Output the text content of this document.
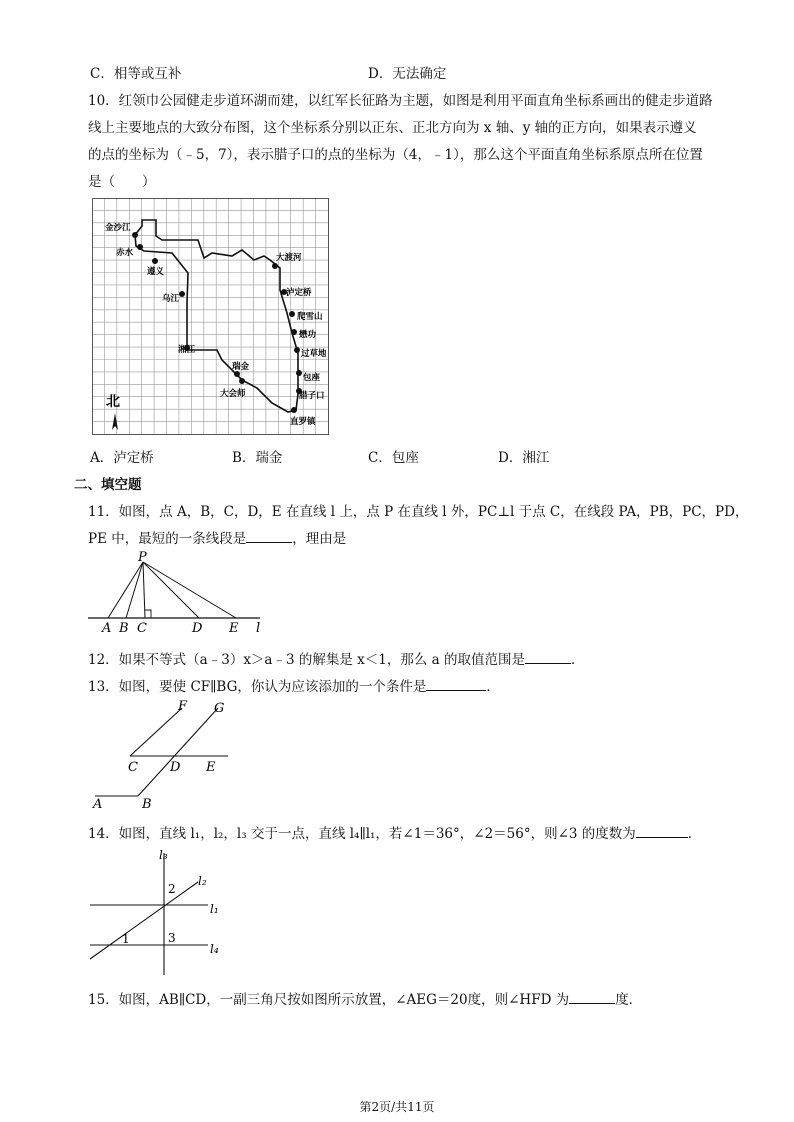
C．相等或互补	D．无法确定
10．红领巾公园健走步道环湖而建，以红军长征路为主题，如图是利用平面直角坐标系画出的健走步道路
线上主要地点的大致分布图，这个坐标系分别以正东、正北方向为 x 轴、y 轴的正方向，如果表示遵义
的点的坐标为（﹣5，7），表示腊子口的点的坐标为（4，﹣1），那么这个平面直角坐标系原点所在位置
是（　　）
金沙江
赤水
遵义
乌江
湘江
瑞金
大会师
直罗镇
腊子口
包座
过草地
懋功
爬雪山
泸定桥
大渡河
北
A．泸定桥	B．瑞金	C．包座	D．湘江
二、填空题
11．如图，点 A，B，C，D，E 在直线 l 上，点 P 在直线 l 外，PC⊥l 于点 C，在线段 PA，PB，PC，PD，
PE 中，最短的一条线段是	，理由是
P
A B C	D E l
12．如果不等式（a﹣3）x＞a﹣3 的解集是 x＜1，那么 a 的取值范围是	．
13．如图，要使 CF∥BG，你认为应该添加的一个条件是	．
F G
C D E
A	B
14．如图，直线 l₁，l₂，l₃ 交于一点，直线 l₄∥l₁，若∠1＝36°，∠2＝56°，则∠3 的度数为	．
l₃
l₂
l₁
l₄
2
1	3
15．如图，AB∥CD，一副三角尺按如图所示放置，∠AEG＝20度，则∠HFD 为	度．
第2页/共11页
